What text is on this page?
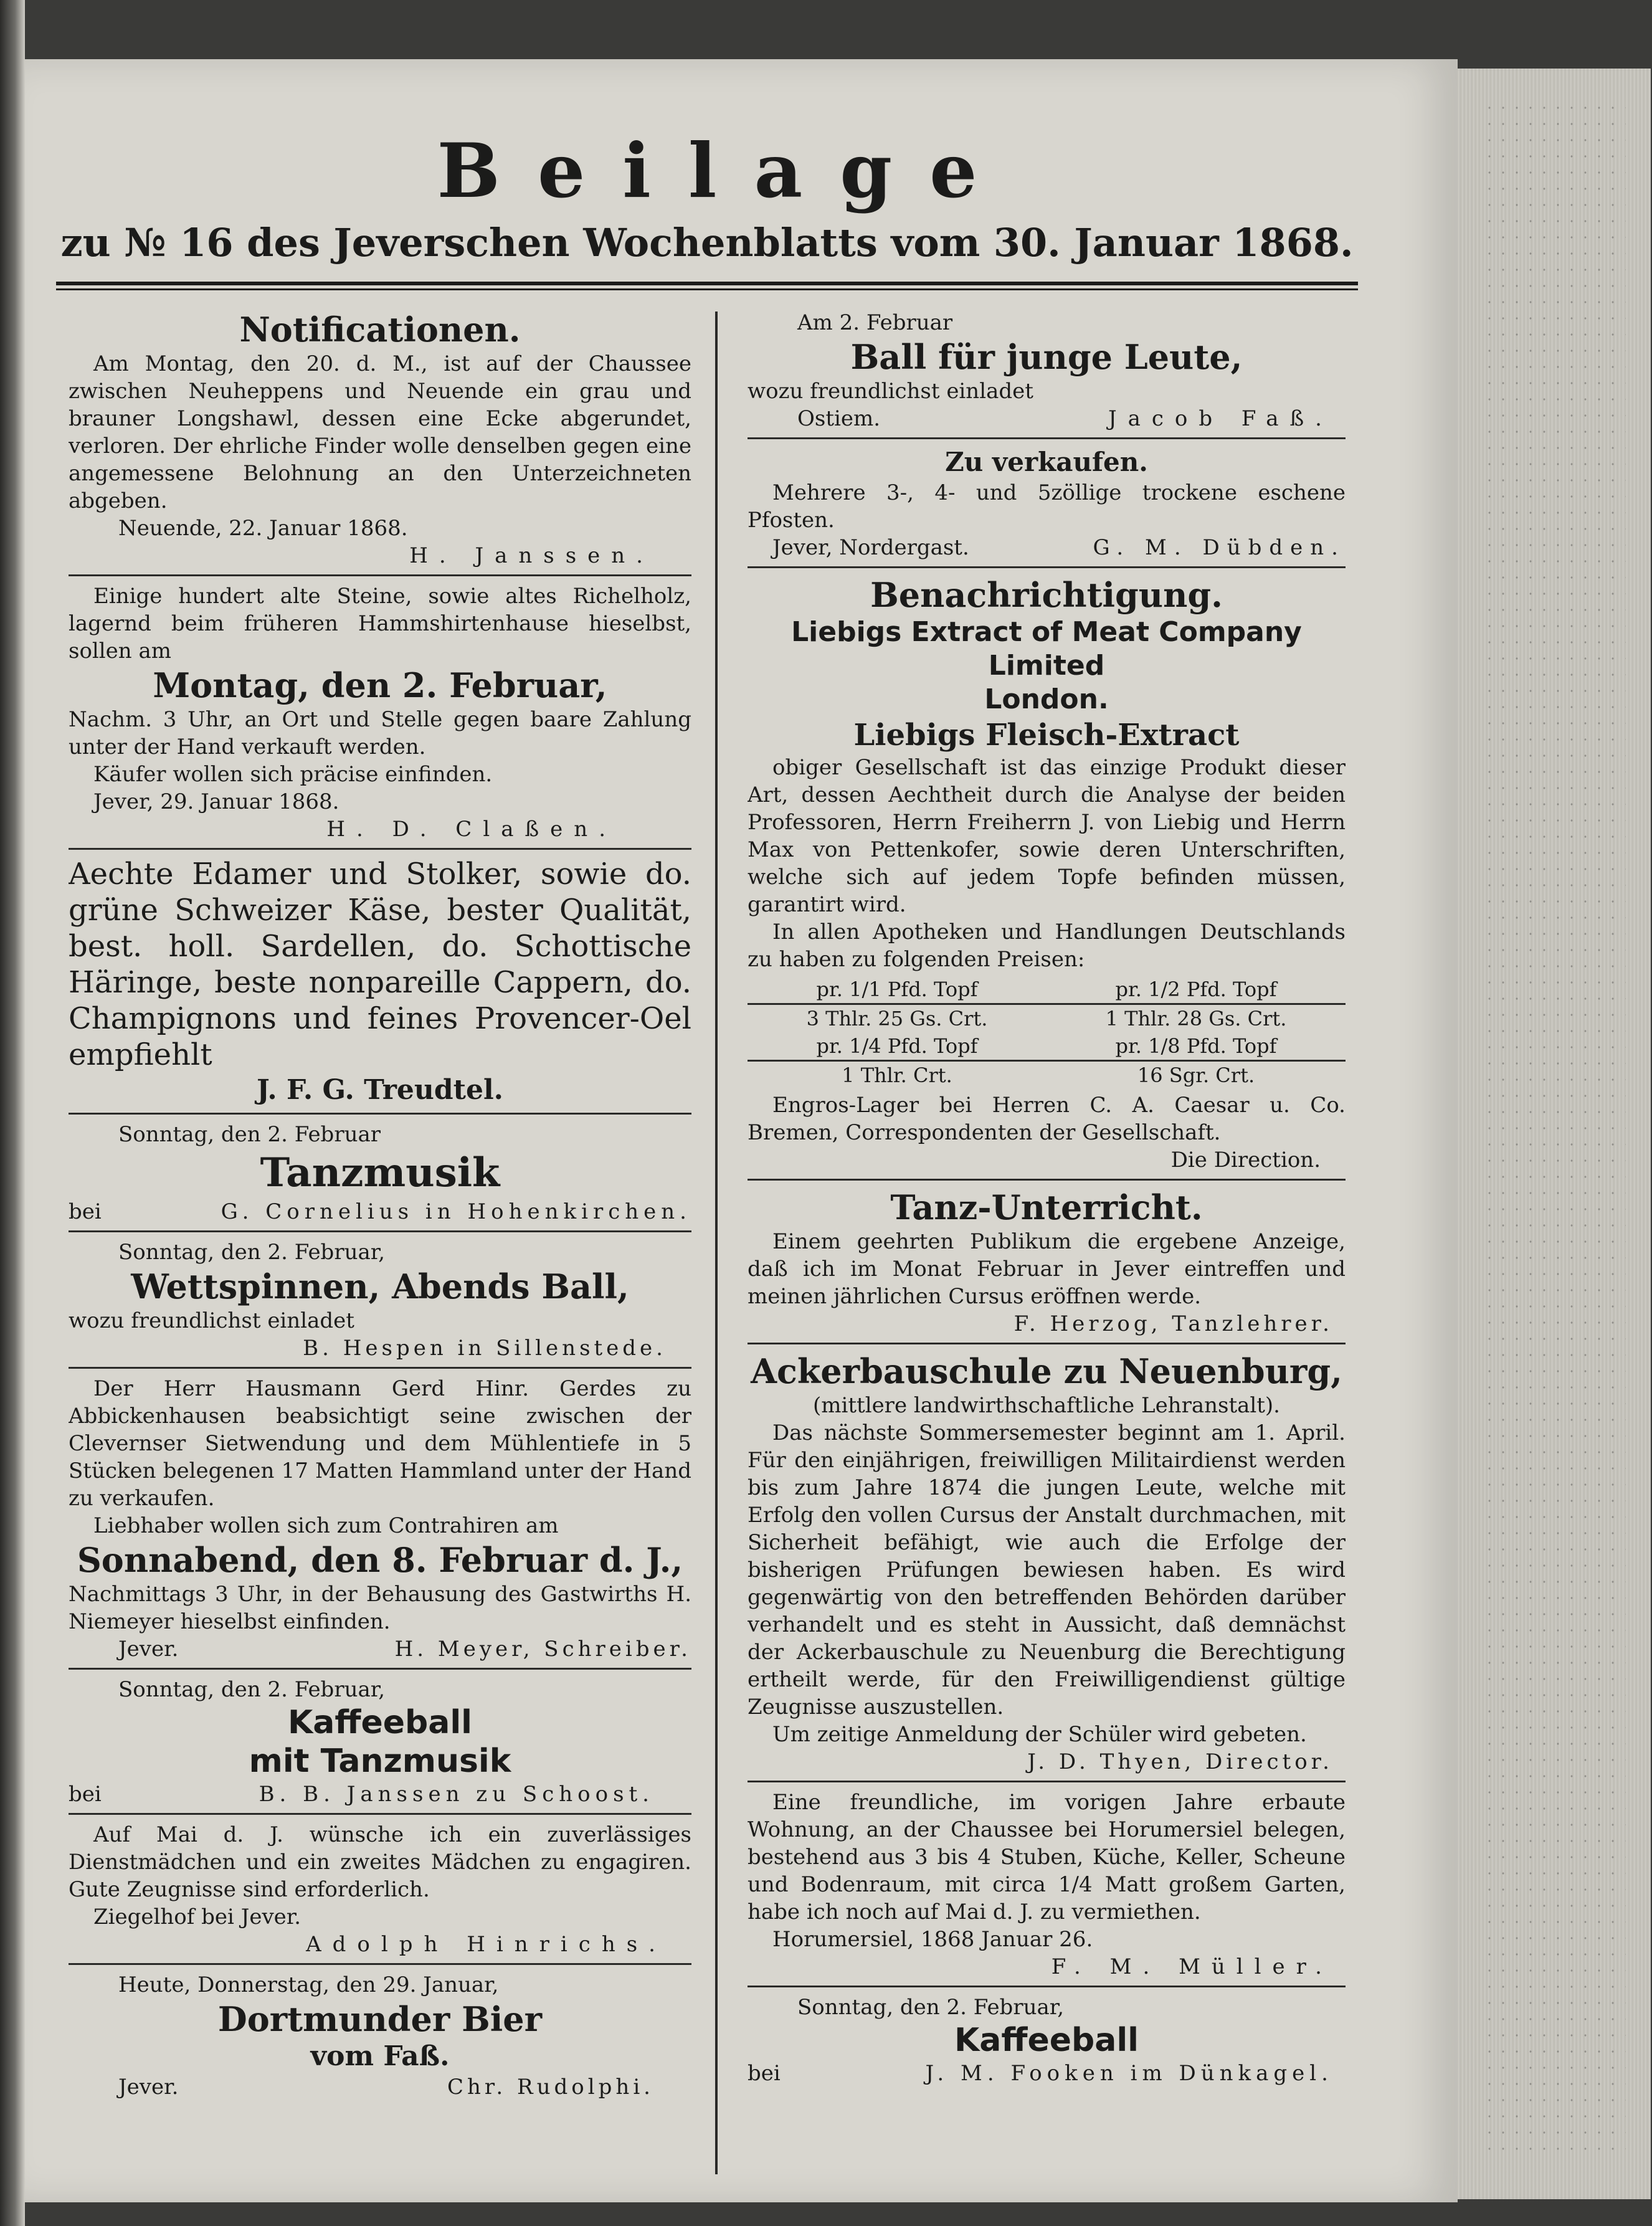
Beilage
zu № 16 des Jeverschen Wochenblatts vom 30. Januar 1868.
Notificationen.
Am Montag, den 20. d. M., ist auf der Chaussee zwischen Neuheppens und Neuende ein grau und brauner Longshawl, dessen eine Ecke abgerundet, verloren. Der ehrliche Finder wolle denselben gegen eine angemessene Belohnung an den Unterzeichneten abgeben.
Neuende, 22. Januar 1868.
H. Janssen.
Einige hundert alte Steine, sowie altes Richelholz, lagernd beim früheren Hammshirtenhause hieselbst, sollen am
Montag, den 2. Februar,
Nachm. 3 Uhr, an Ort und Stelle gegen baare Zahlung unter der Hand verkauft werden.
Käufer wollen sich präcise einfinden.
Jever, 29. Januar 1868.
H. D. Claßen.
Aechte Edamer und Stolker, sowie do. grüne Schweizer Käse, bester Qualität, best. holl. Sardellen, do. Schottische Häringe, beste nonpareille Cappern, do. Champignons und feines Provencer-Oel empfiehlt
J. F. G. Treudtel.
Sonntag, den 2. Februar
Tanzmusik
bei	G. Cornelius in Hohenkirchen.
Sonntag, den 2. Februar,
Wettspinnen, Abends Ball,
wozu freundlichst einladet
B. Hespen in Sillenstede.
Der Herr Hausmann Gerd Hinr. Gerdes zu Abbickenhausen beabsichtigt seine zwischen der Clevernser Sietwendung und dem Mühlentiefe in 5 Stücken belegenen 17 Matten Hammland unter der Hand zu verkaufen.
Liebhaber wollen sich zum Contrahiren am
Sonnabend, den 8. Februar d. J.,
Nachmittags 3 Uhr, in der Behausung des Gastwirths H. Niemeyer hieselbst einfinden.
Jever.	H. Meyer, Schreiber.
Sonntag, den 2. Februar,
Kaffeeball
mit Tanzmusik
bei	B. B. Janssen zu Schoost.
Auf Mai d. J. wünsche ich ein zuverlässiges Dienstmädchen und ein zweites Mädchen zu engagiren. Gute Zeugnisse sind erforderlich.
Ziegelhof bei Jever.
Adolph Hinrichs.
Heute, Donnerstag, den 29. Januar,
Dortmunder Bier
vom Faß.
Jever.	Chr. Rudolphi.
Am 2. Februar
Ball für junge Leute,
wozu freundlichst einladet
Ostiem.	Jacob Faß.
Zu verkaufen.
Mehrere 3-, 4- und 5zöllige trockene eschene Pfosten.
Jever, Nordergast.	G. M. Dübden.
Benachrichtigung.
Liebigs Extract of Meat Company Limited
London.
Liebigs Fleisch-Extract
obiger Gesellschaft ist das einzige Produkt dieser Art, dessen Aechtheit durch die Analyse der beiden Professoren, Herrn Freiherrn J. von Liebig und Herrn Max von Pettenkofer, sowie deren Unterschriften, welche sich auf jedem Topfe befinden müssen, garantirt wird.
In allen Apotheken und Handlungen Deutschlands zu haben zu folgenden Preisen:
pr. 1/1 Pfd. Topf	pr. 1/2 Pfd. Topf
3 Thlr. 25 Gs. Crt.	1 Thlr. 28 Gs. Crt.
pr. 1/4 Pfd. Topf	pr. 1/8 Pfd. Topf
1 Thlr. Crt.	16 Sgr. Crt.
Engros-Lager bei Herren C. A. Caesar u. Co. Bremen, Correspondenten der Gesellschaft.
Die Direction.
Tanz-Unterricht.
Einem geehrten Publikum die ergebene Anzeige, daß ich im Monat Februar in Jever eintreffen und meinen jährlichen Cursus eröffnen werde.
F. Herzog, Tanzlehrer.
Ackerbauschule zu Neuenburg,
(mittlere landwirthschaftliche Lehranstalt).
Das nächste Sommersemester beginnt am 1. April. Für den einjährigen, freiwilligen Militairdienst werden bis zum Jahre 1874 die jungen Leute, welche mit Erfolg den vollen Cursus der Anstalt durchmachen, mit Sicherheit befähigt, wie auch die Erfolge der bisherigen Prüfungen bewiesen haben. Es wird gegenwärtig von den betreffenden Behörden darüber verhandelt und es steht in Aussicht, daß demnächst der Ackerbauschule zu Neuenburg die Berechtigung ertheilt werde, für den Freiwilligendienst gültige Zeugnisse auszustellen.
Um zeitige Anmeldung der Schüler wird gebeten.
J. D. Thyen, Director.
Eine freundliche, im vorigen Jahre erbaute Wohnung, an der Chaussee bei Horumersiel belegen, bestehend aus 3 bis 4 Stuben, Küche, Keller, Scheune und Bodenraum, mit circa 1/4 Matt großem Garten, habe ich noch auf Mai d. J. zu vermiethen.
Horumersiel, 1868 Januar 26.
F. M. Müller.
Sonntag, den 2. Februar,
Kaffeeball
bei	J. M. Fooken im Dünkagel.
